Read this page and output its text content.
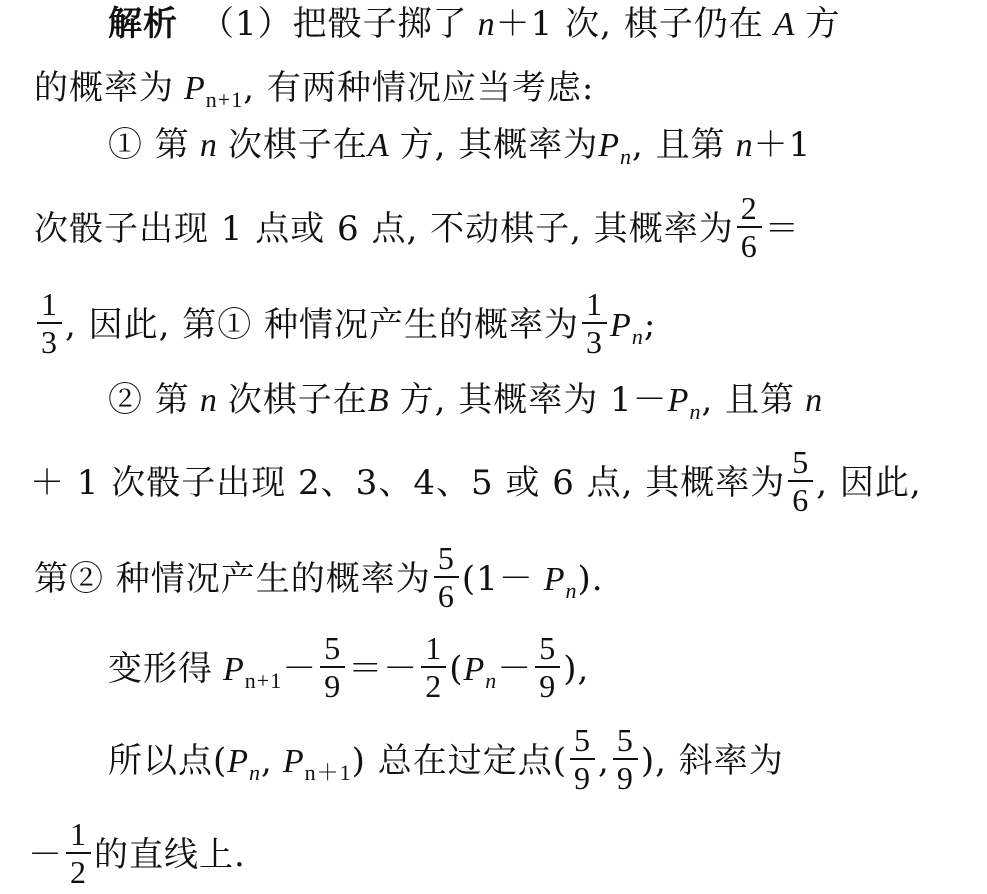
解析 （1）把骰子掷了 n＋1 次, 棋子仍在 A 方
的概率为 $P_{n+1}$, 有两种情况应当考虑:
① 第 n 次棋子在A 方, 其概率为$P_n$, 且第 n＋1
次骰子出现 1 点或 6 点, 不动棋子, 其概率为 $\frac{2}{6}$ ＝
$\frac{1}{3}$ , 因此, 第① 种情况产生的概率为 $\frac{1}{3} P_n$;
② 第 n 次棋子在B 方, 其概率为 $1-P_n$, 且第 n
＋ 1 次骰子出现 2、3、4、5 或 6 点, 其概率为 $\frac{5}{6}$ , 因此,
第② 种情况产生的概率为 $\frac{5}{6} (1- P_n)$.
变形得 $P_{n+1}- \frac{5}{9} =- \frac{1}{2} (P_n- \frac{5}{9}$ ),
所以点($P_n$, $P_{n+1}$) 总在过定点( $\frac{5}{9}$ , $\frac{5}{9}$ ), 斜率为
－ $\frac{1}{2}$ 的直线上.
